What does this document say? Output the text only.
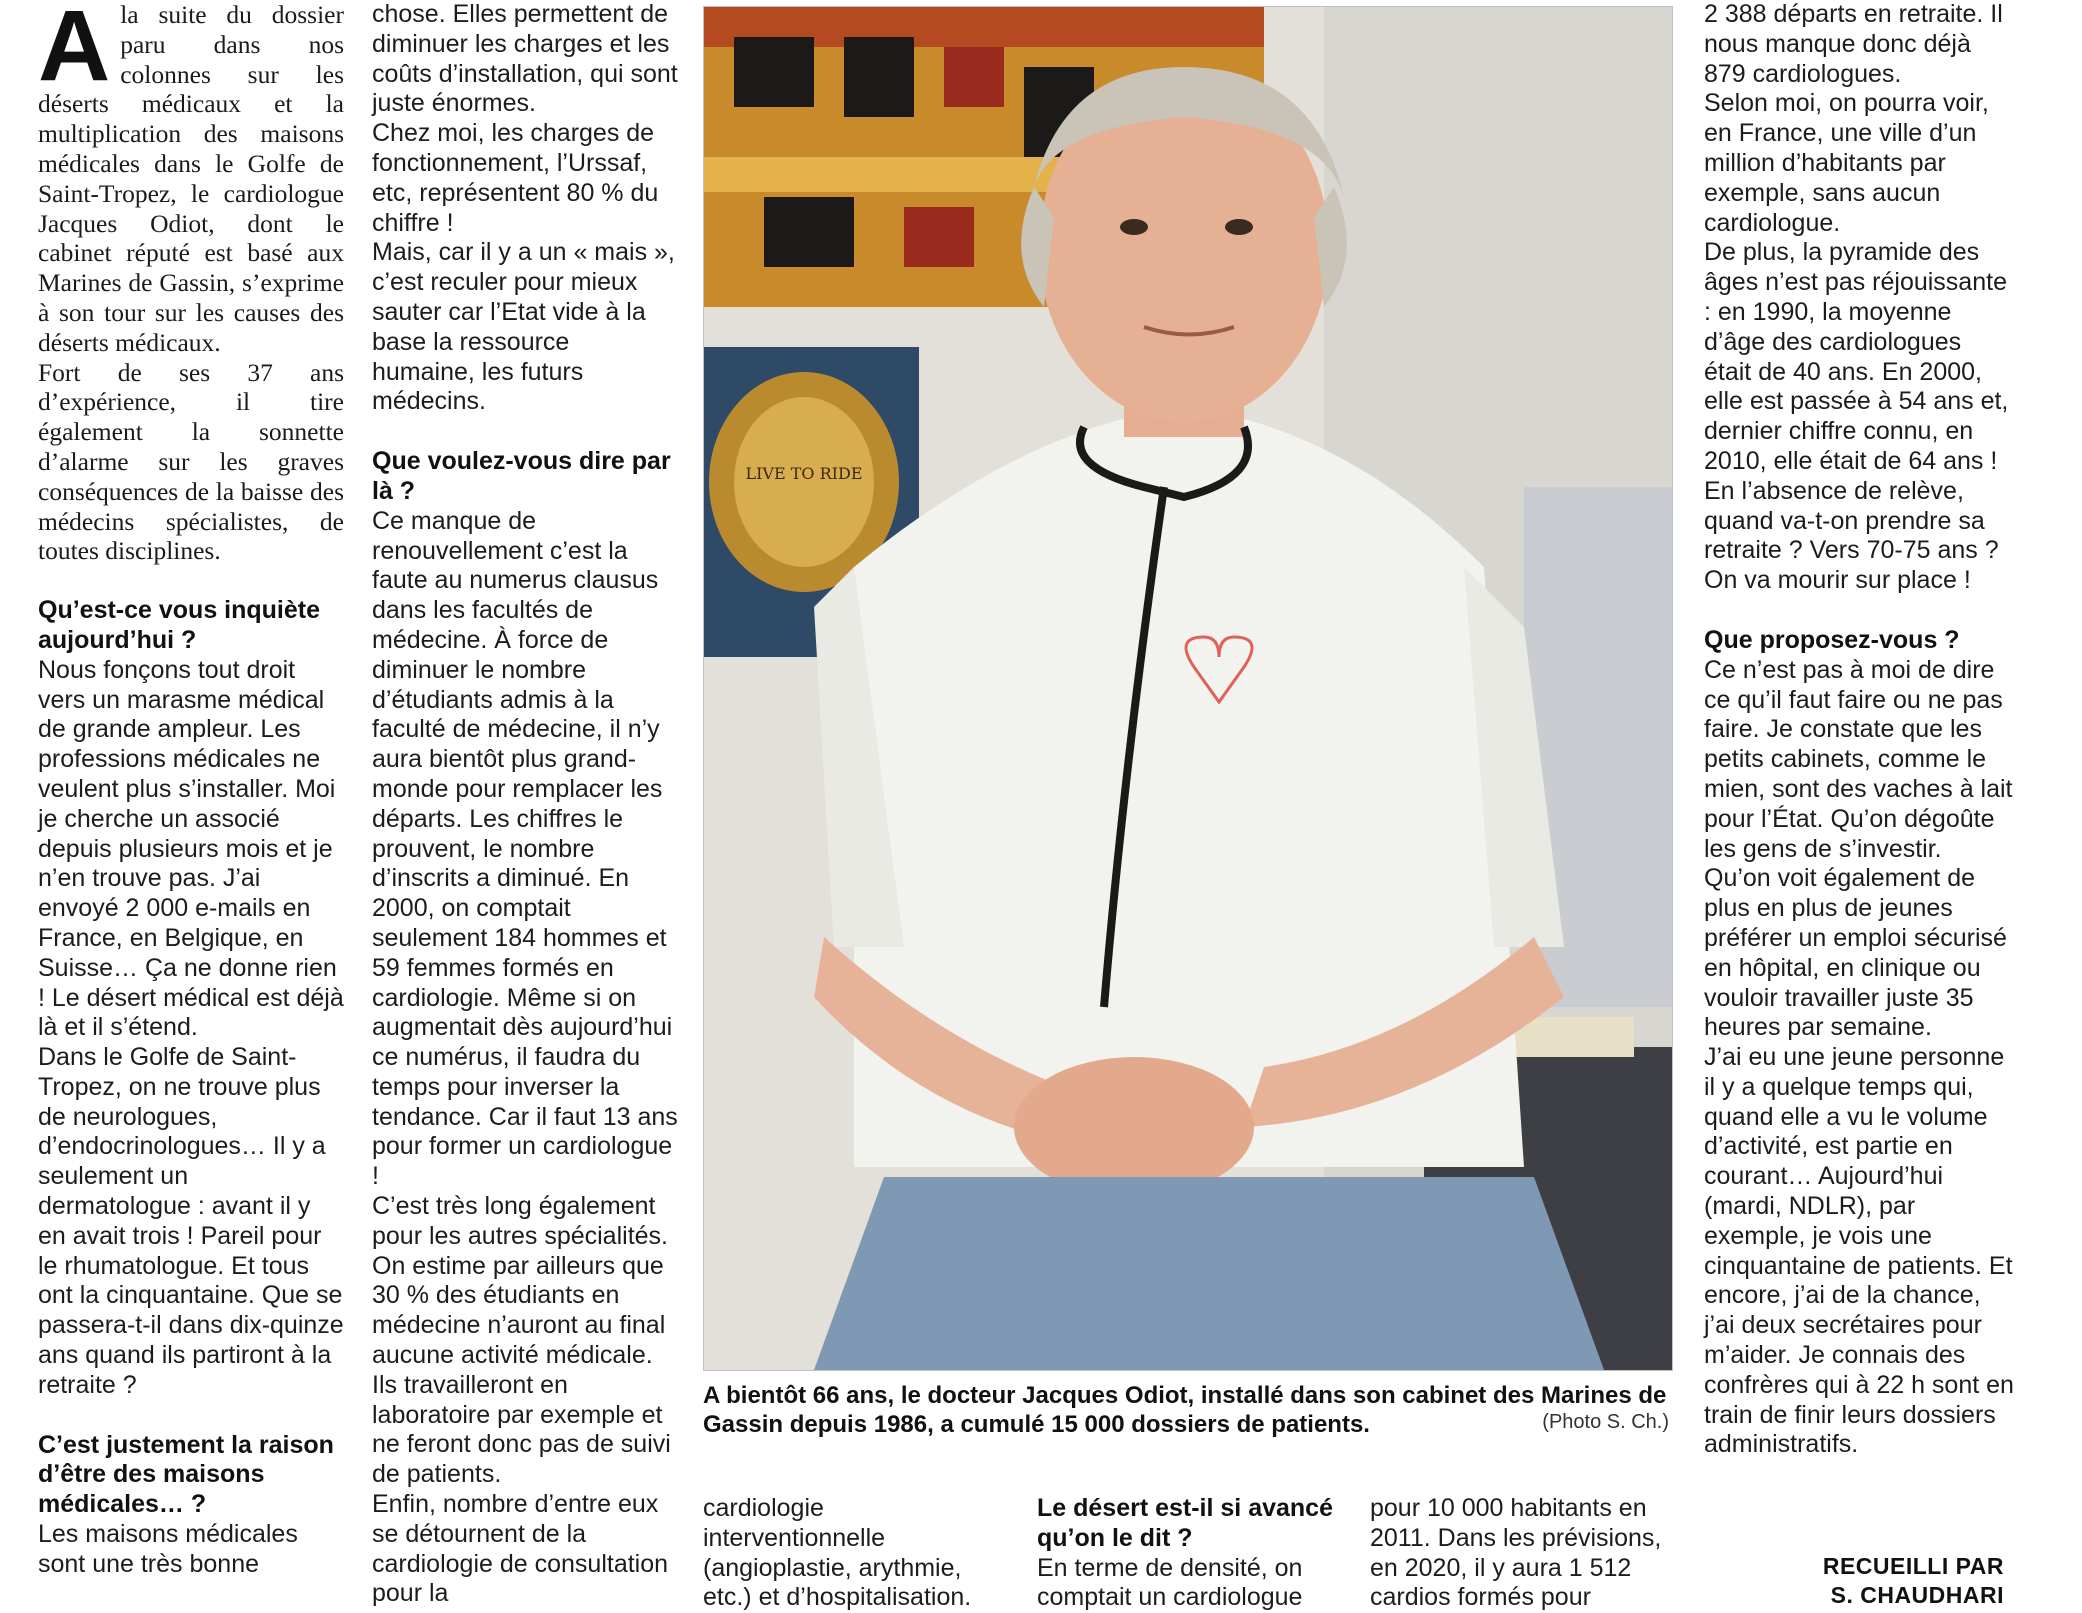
Ala suite du dossier paru dans nos colonnes sur les déserts médicaux et la multiplication des maisons médicales dans le Golfe de Saint-Tropez, le cardiologue Jacques Odiot, dont le cabinet réputé est basé aux Marines de Gassin, s’exprime à son tour sur les causes des déserts médicaux.

Fort de ses 37 ans d’expérience, il tire également la sonnette d’alarme sur les graves conséquences de la baisse des médecins spécialistes, de toutes disciplines.

Qu’est-ce vous inquiète aujourd’hui ?

Nous fonçons tout droit vers un marasme médical de grande ampleur. Les professions médicales ne veulent plus s’installer. Moi je cherche un associé depuis plusieurs mois et je n’en trouve pas. J’ai envoyé 2 000 e-mails en France, en Belgique, en Suisse… Ça ne donne rien ! Le désert médical est déjà là et il s’étend.

Dans le Golfe de Saint-Tropez, on ne trouve plus de neurologues, d’endocrinologues… Il y a seulement un dermatologue : avant il y en avait trois ! Pareil pour le rhumatologue. Et tous ont la cinquantaine. Que se passera-t-il dans dix-quinze ans quand ils partiront à la retraite ?

C’est justement la raison d’être des maisons médicales… ?

Les maisons médicales sont une très bonne

chose. Elles permettent de diminuer les charges et les coûts d’installation, qui sont juste énormes.

Chez moi, les charges de fonctionnement, l’Urssaf, etc, représentent 80 % du chiffre !

Mais, car il y a un « mais », c’est reculer pour mieux sauter car l’Etat vide à la base la ressource humaine, les futurs médecins.

Que voulez-vous dire par là ?

Ce manque de renouvellement c’est la faute au numerus clausus dans les facultés de médecine. À force de diminuer le nombre d’étudiants admis à la faculté de médecine, il n’y aura bientôt plus grand-monde pour remplacer les départs. Les chiffres le prouvent, le nombre d’inscrits a diminué. En 2000, on comptait seulement 184 hommes et 59 femmes formés en cardiologie. Même si on augmentait dès aujourd’hui ce numérus, il faudra du temps pour inverser la tendance. Car il faut 13 ans pour former un cardiologue !

C’est très long également pour les autres spécialités. On estime par ailleurs que 30 % des étudiants en médecine n’auront au final aucune activité médicale. Ils travailleront en laboratoire par exemple et ne feront donc pas de suivi de patients.

Enfin, nombre d’entre eux se détournent de la cardiologie de consultation pour la

LIVE TO RIDE
A bientôt 66 ans, le docteur Jacques Odiot, installé dans son cabinet des Marines de Gassin depuis 1986, a cumulé 15 000 dossiers de patients.	(Photo S. Ch.)

cardiologie interventionnelle (angioplastie, arythmie, etc.) et d’hospitalisation.

Le désert est-il si avancé qu’on le dit ?

En terme de densité, on comptait un cardiologue

pour 10 000 habitants en 2011. Dans les prévisions, en 2020, il y aura 1 512 cardios formés pour

2 388 départs en retraite. Il nous manque donc déjà 879 cardiologues.

Selon moi, on pourra voir, en France, une ville d’un million d’habitants par exemple, sans aucun cardiologue.

De plus, la pyramide des âges n’est pas réjouissante : en 1990, la moyenne d’âge des cardiologues était de 40 ans. En 2000, elle est passée à 54 ans et, dernier chiffre connu, en 2010, elle était de 64 ans !

En l’absence de relève, quand va-t-on prendre sa retraite ? Vers 70-75 ans ? On va mourir sur place !

Que proposez-vous ?

Ce n’est pas à moi de dire ce qu’il faut faire ou ne pas faire. Je constate que les petits cabinets, comme le mien, sont des vaches à lait pour l’État. Qu’on dégoûte les gens de s’investir.

Qu’on voit également de plus en plus de jeunes préférer un emploi sécurisé en hôpital, en clinique ou vouloir travailler juste 35 heures par semaine.

J’ai eu une jeune personne il y a quelque temps qui, quand elle a vu le volume d’activité, est partie en courant… Aujourd’hui (mardi, NDLR), par exemple, je vois une cinquantaine de patients. Et encore, j’ai de la chance, j’ai deux secrétaires pour m’aider. Je connais des confrères qui à 22 h sont en train de finir leurs dossiers administratifs.

RECUEILLI PAR
S. CHAUDHARI
